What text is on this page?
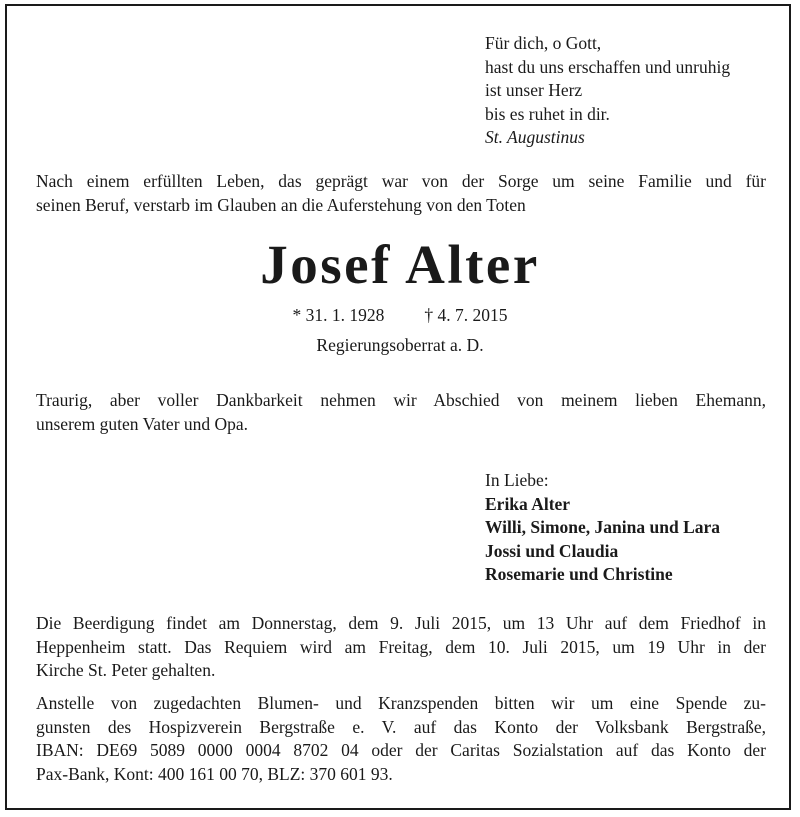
Für dich, o Gott,
hast du uns erschaffen und unruhig
ist unser Herz
bis es ruhet in dir.
St. Augustinus
Nach einem erfüllten Leben, das geprägt war von der Sorge um seine Familie und für
seinen Beruf, verstarb im Glauben an die Auferstehung von den Toten
Josef Alter
* 31. 1. 1928 † 4. 7. 2015
Regierungsoberrat a. D.
Traurig, aber voller Dankbarkeit nehmen wir Abschied von meinem lieben Ehemann,
unserem guten Vater und Opa.
In Liebe:
Erika Alter
Willi, Simone, Janina und Lara
Jossi und Claudia
Rosemarie und Christine
Die Beerdigung findet am Donnerstag, dem 9. Juli 2015, um 13 Uhr auf dem Friedhof in
Heppenheim statt. Das Requiem wird am Freitag, dem 10. Juli 2015, um 19 Uhr in der
Kirche St. Peter gehalten.
Anstelle von zugedachten Blumen- und Kranzspenden bitten wir um eine Spende zu-
gunsten des Hospizverein Bergstraße e. V. auf das Konto der Volksbank Bergstraße,
IBAN: DE69 5089 0000 0004 8702 04 oder der Caritas Sozialstation auf das Konto der
Pax-Bank, Kont: 400 161 00 70, BLZ: 370 601 93.
